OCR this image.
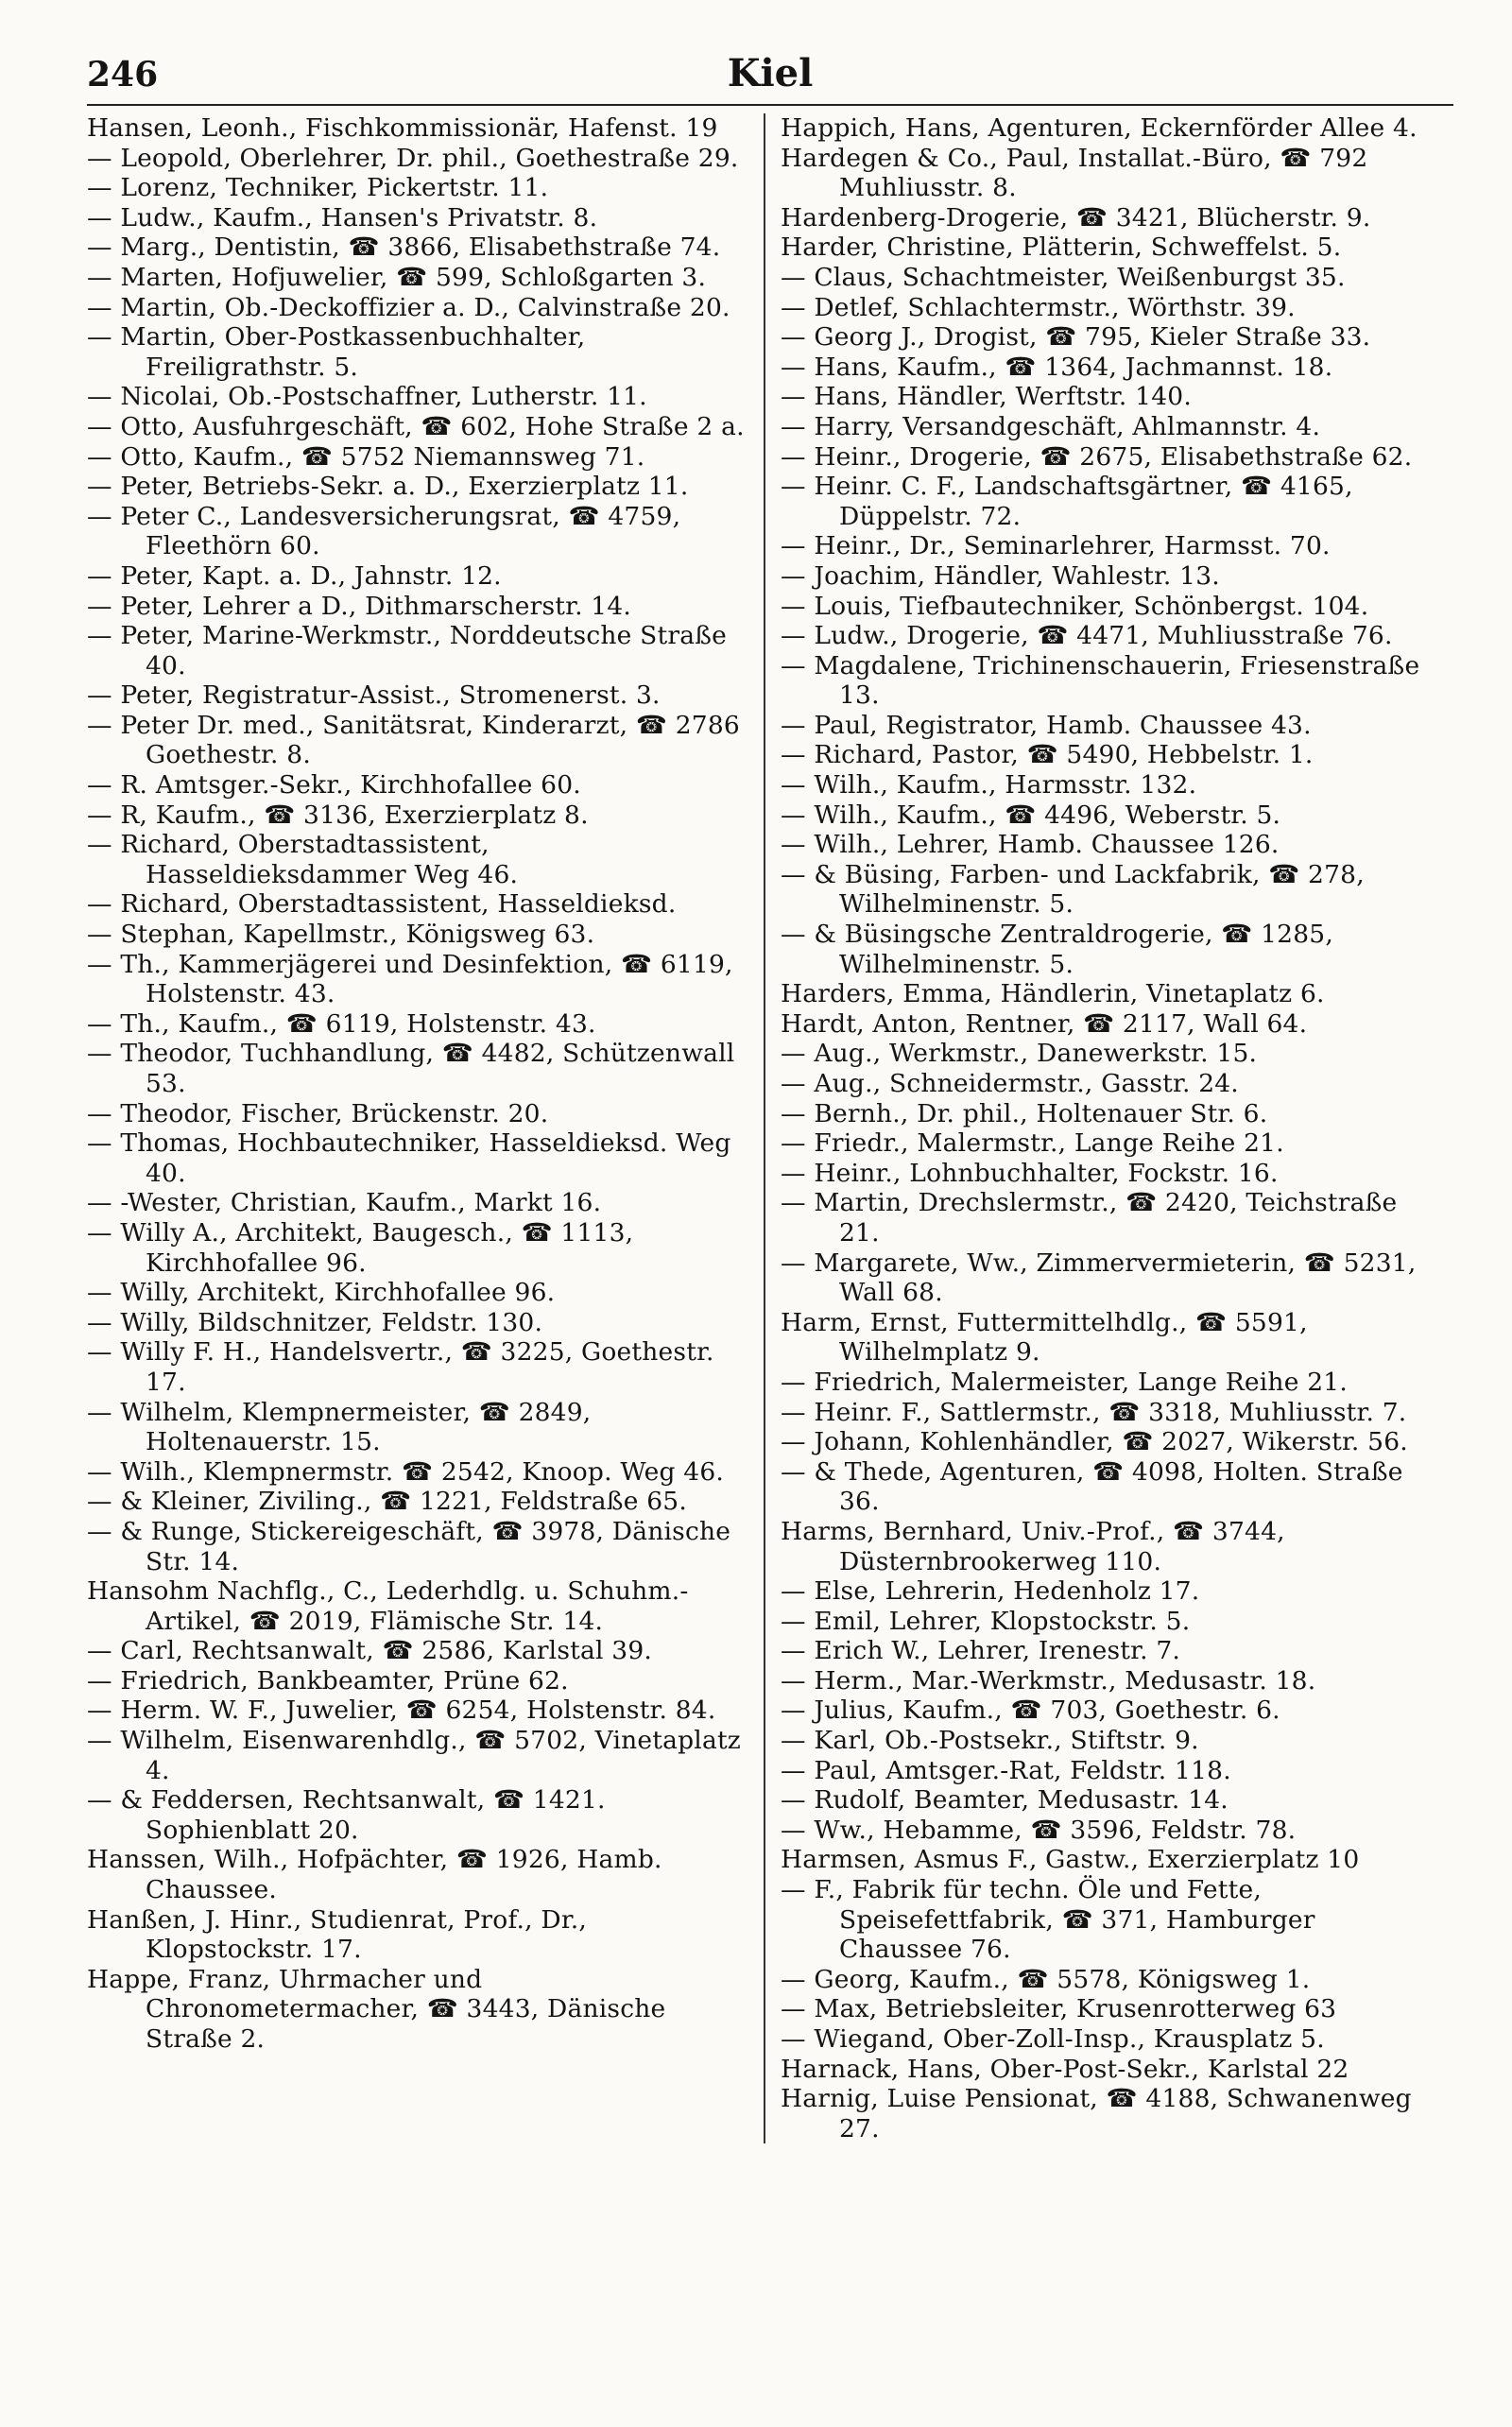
246	Kiel
Hansen, Leonh., Fischkommissionär, Hafenst. 19
— Leopold, Oberlehrer, Dr. phil., Goethestraße 29.
— Lorenz, Techniker, Pickertstr. 11.
— Ludw., Kaufm., Hansen's Privatstr. 8.
— Marg., Dentistin, ☎ 3866, Elisabethstraße 74.
— Marten, Hofjuwelier, ☎ 599, Schloßgarten 3.
— Martin, Ob.-Deckoffizier a. D., Calvinstraße 20.
— Martin, Ober-Postkassenbuchhalter, Freiligrathstr. 5.
— Nicolai, Ob.-Postschaffner, Lutherstr. 11.
— Otto, Ausfuhrgeschäft, ☎ 602, Hohe Straße 2 a.
— Otto, Kaufm., ☎ 5752 Niemannsweg 71.
— Peter, Betriebs-Sekr. a. D., Exerzierplatz 11.
— Peter C., Landesversicherungsrat, ☎ 4759, Fleethörn 60.
— Peter, Kapt. a. D., Jahnstr. 12.
— Peter, Lehrer a D., Dithmarscherstr. 14.
— Peter, Marine-Werkmstr., Norddeutsche Straße 40.
— Peter, Registratur-Assist., Stromenerst. 3.
— Peter Dr. med., Sanitätsrat, Kinderarzt, ☎ 2786 Goethestr. 8.
— R. Amtsger.-Sekr., Kirchhofallee 60.
— R, Kaufm., ☎ 3136, Exerzierplatz 8.
— Richard, Oberstadtassistent, Hasseldieksdammer Weg 46.
— Richard, Oberstadtassistent, Hasseldieksd.
— Stephan, Kapellmstr., Königsweg 63.
— Th., Kammerjägerei und Desinfektion, ☎ 6119, Holstenstr. 43.
— Th., Kaufm., ☎ 6119, Holstenstr. 43.
— Theodor, Tuchhandlung, ☎ 4482, Schützenwall 53.
— Theodor, Fischer, Brückenstr. 20.
— Thomas, Hochbautechniker, Hasseldieksd. Weg 40.
— -Wester, Christian, Kaufm., Markt 16.
— Willy A., Architekt, Baugesch., ☎ 1113, Kirchhofallee 96.
— Willy, Architekt, Kirchhofallee 96.
— Willy, Bildschnitzer, Feldstr. 130.
— Willy F. H., Handelsvertr., ☎ 3225, Goethestr. 17.
— Wilhelm, Klempnermeister, ☎ 2849, Holtenauerstr. 15.
— Wilh., Klempnermstr. ☎ 2542, Knoop. Weg 46.
— & Kleiner, Ziviling., ☎ 1221, Feldstraße 65.
— & Runge, Stickereigeschäft, ☎ 3978, Dänische Str. 14.
Hansohm Nachflg., C., Lederhdlg. u. Schuhm.-Artikel, ☎ 2019, Flämische Str. 14.
— Carl, Rechtsanwalt, ☎ 2586, Karlstal 39.
— Friedrich, Bankbeamter, Prüne 62.
— Herm. W. F., Juwelier, ☎ 6254, Holstenstr. 84.
— Wilhelm, Eisenwarenhdlg., ☎ 5702, Vinetaplatz 4.
— & Feddersen, Rechtsanwalt, ☎ 1421. Sophienblatt 20.
Hanssen, Wilh., Hofpächter, ☎ 1926, Hamb. Chaussee.
Hanßen, J. Hinr., Studienrat, Prof., Dr., Klopstockstr. 17.
Happe, Franz, Uhrmacher und Chronometermacher, ☎ 3443, Dänische Straße 2.
Happich, Hans, Agenturen, Eckernförder Allee 4.
Hardegen & Co., Paul, Installat.-Büro, ☎ 792 Muhliusstr. 8.
Hardenberg-Drogerie, ☎ 3421, Blücherstr. 9.
Harder, Christine, Plätterin, Schweffelst. 5.
— Claus, Schachtmeister, Weißenburgst 35.
— Detlef, Schlachtermstr., Wörthstr. 39.
— Georg J., Drogist, ☎ 795, Kieler Straße 33.
— Hans, Kaufm., ☎ 1364, Jachmannst. 18.
— Hans, Händler, Werftstr. 140.
— Harry, Versandgeschäft, Ahlmannstr. 4.
— Heinr., Drogerie, ☎ 2675, Elisabethstraße 62.
— Heinr. C. F., Landschaftsgärtner, ☎ 4165, Düppelstr. 72.
— Heinr., Dr., Seminarlehrer, Harmsst. 70.
— Joachim, Händler, Wahlestr. 13.
— Louis, Tiefbautechniker, Schönbergst. 104.
— Ludw., Drogerie, ☎ 4471, Muhliusstraße 76.
— Magdalene, Trichinenschauerin, Friesenstraße 13.
— Paul, Registrator, Hamb. Chaussee 43.
— Richard, Pastor, ☎ 5490, Hebbelstr. 1.
— Wilh., Kaufm., Harmsstr. 132.
— Wilh., Kaufm., ☎ 4496, Weberstr. 5.
— Wilh., Lehrer, Hamb. Chaussee 126.
— & Büsing, Farben- und Lackfabrik, ☎ 278, Wilhelminenstr. 5.
— & Büsingsche Zentraldrogerie, ☎ 1285, Wilhelminenstr. 5.
Harders, Emma, Händlerin, Vinetaplatz 6.
Hardt, Anton, Rentner, ☎ 2117, Wall 64.
— Aug., Werkmstr., Danewerkstr. 15.
— Aug., Schneidermstr., Gasstr. 24.
— Bernh., Dr. phil., Holtenauer Str. 6.
— Friedr., Malermstr., Lange Reihe 21.
— Heinr., Lohnbuchhalter, Fockstr. 16.
— Martin, Drechslermstr., ☎ 2420, Teichstraße 21.
— Margarete, Ww., Zimmervermieterin, ☎ 5231, Wall 68.
Harm, Ernst, Futtermittelhdlg., ☎ 5591, Wilhelmplatz 9.
— Friedrich, Malermeister, Lange Reihe 21.
— Heinr. F., Sattlermstr., ☎ 3318, Muhliusstr. 7.
— Johann, Kohlenhändler, ☎ 2027, Wikerstr. 56.
— & Thede, Agenturen, ☎ 4098, Holten. Straße 36.
Harms, Bernhard, Univ.-Prof., ☎ 3744, Düsternbrookerweg 110.
— Else, Lehrerin, Hedenholz 17.
— Emil, Lehrer, Klopstockstr. 5.
— Erich W., Lehrer, Irenestr. 7.
— Herm., Mar.-Werkmstr., Medusastr. 18.
— Julius, Kaufm., ☎ 703, Goethestr. 6.
— Karl, Ob.-Postsekr., Stiftstr. 9.
— Paul, Amtsger.-Rat, Feldstr. 118.
— Rudolf, Beamter, Medusastr. 14.
— Ww., Hebamme, ☎ 3596, Feldstr. 78.
Harmsen, Asmus F., Gastw., Exerzierplatz 10
— F., Fabrik für techn. Öle und Fette, Speisefettfabrik, ☎ 371, Hamburger Chaussee 76.
— Georg, Kaufm., ☎ 5578, Königsweg 1.
— Max, Betriebsleiter, Krusenrotterweg 63
— Wiegand, Ober-Zoll-Insp., Krausplatz 5.
Harnack, Hans, Ober-Post-Sekr., Karlstal 22
Harnig, Luise Pensionat, ☎ 4188, Schwanenweg 27.
